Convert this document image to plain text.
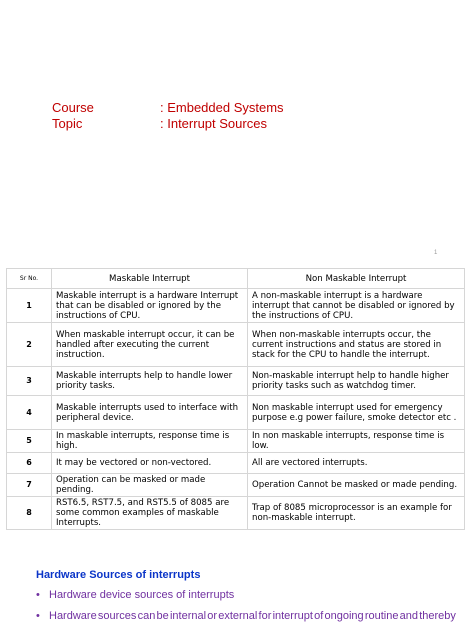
Course	: Embedded Systems
Topic	: Interrupt Sources
1
Sr No.	Maskable Interrupt	Non Maskable Interrupt
1	Maskable interrupt is a hardware Interrupt that can be disabled or ignored by the instructions of CPU.	A non-maskable interrupt is a hardware interrupt that cannot be disabled or ignored by the instructions of CPU.
2	When maskable interrupt occur, it can be handled after executing the current instruction.	When non-maskable interrupts occur, the current instructions and status are stored in stack for the CPU to handle the interrupt.
3	Maskable interrupts help to handle lower priority tasks.	Non-maskable interrupt help to handle higher priority tasks such as watchdog timer.
4	Maskable interrupts used to interface with peripheral device.	Non maskable interrupt used for emergency purpose e.g power failure, smoke detector etc .
5	In maskable interrupts, response time is high.	In non maskable interrupts, response time is low.
6	It may be vectored or non-vectored.	All are vectored interrupts.
7	Operation can be masked or made pending.	Operation Cannot be masked or made pending.
8	RST6.5, RST7.5, and RST5.5 of 8085 are some common examples of maskable Interrupts.	Trap of 8085 microprocessor is an example for non-maskable interrupt.
Hardware Sources of interrupts
• Hardware device sources of interrupts
• Hardware sources can be internal or external for interrupt of ongoing routine and thereby
